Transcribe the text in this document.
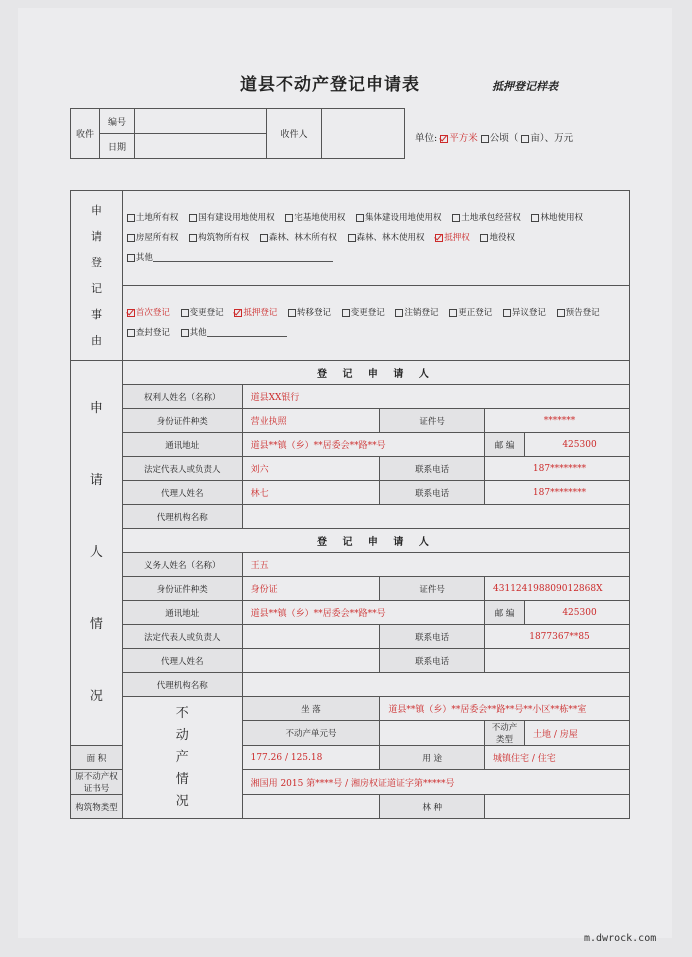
道县不动产登记申请表	抵押登记样表
收件	编号		收件人	
	日期			
单位: 平方米 公顷（ 亩）、万元
申请登记事由	土地所有权 国有建设用地使用权 宅基地使用权 集体建设用地使用权 土地承包经营权 林地使用权 房屋所有权 构筑物所有权 森林、林木所有权 森林、林木使用权 抵押权 地役权 其他				
	首次登记 变更登记 抵押登记 转移登记 变更登记 注销登记 更正登记 异议登记 预告登记 查封登记 其他				
申请人情况	登 记 申 请 人				
	权利人姓名（名称）	道县XX银行			
	身份证件种类	营业执照	证件号	*******	
	通讯地址	道县**镇（乡）**居委会**路**号		邮 编	425300
	法定代表人或负责人	刘六	联系电话	187********	
	代理人姓名	林七	联系电话	187********	
	代理机构名称				
	登 记 申 请 人				
	义务人姓名（名称）	王五			
	身份证件种类	身份证	证件号	431124198809012868X	
	通讯地址	道县**镇（乡）**居委会**路**号		邮 编	425300
	法定代表人或负责人		联系电话	1877367**85	
	代理人姓名		联系电话		
	代理机构名称				
	不动产情况	坐 落	道县**镇（乡）**居委会**路**号**小区**栋**室		
		不动产单元号		不动产类型	土地 / 房屋
面 积		177.26 / 125.18	用 途	城镇住宅 / 住宅	
原不动产权证书号		湘国用 2015 第****号 / 湘房权证道证字第*****号			
构筑物类型			林 种		
m.dwrock.com
